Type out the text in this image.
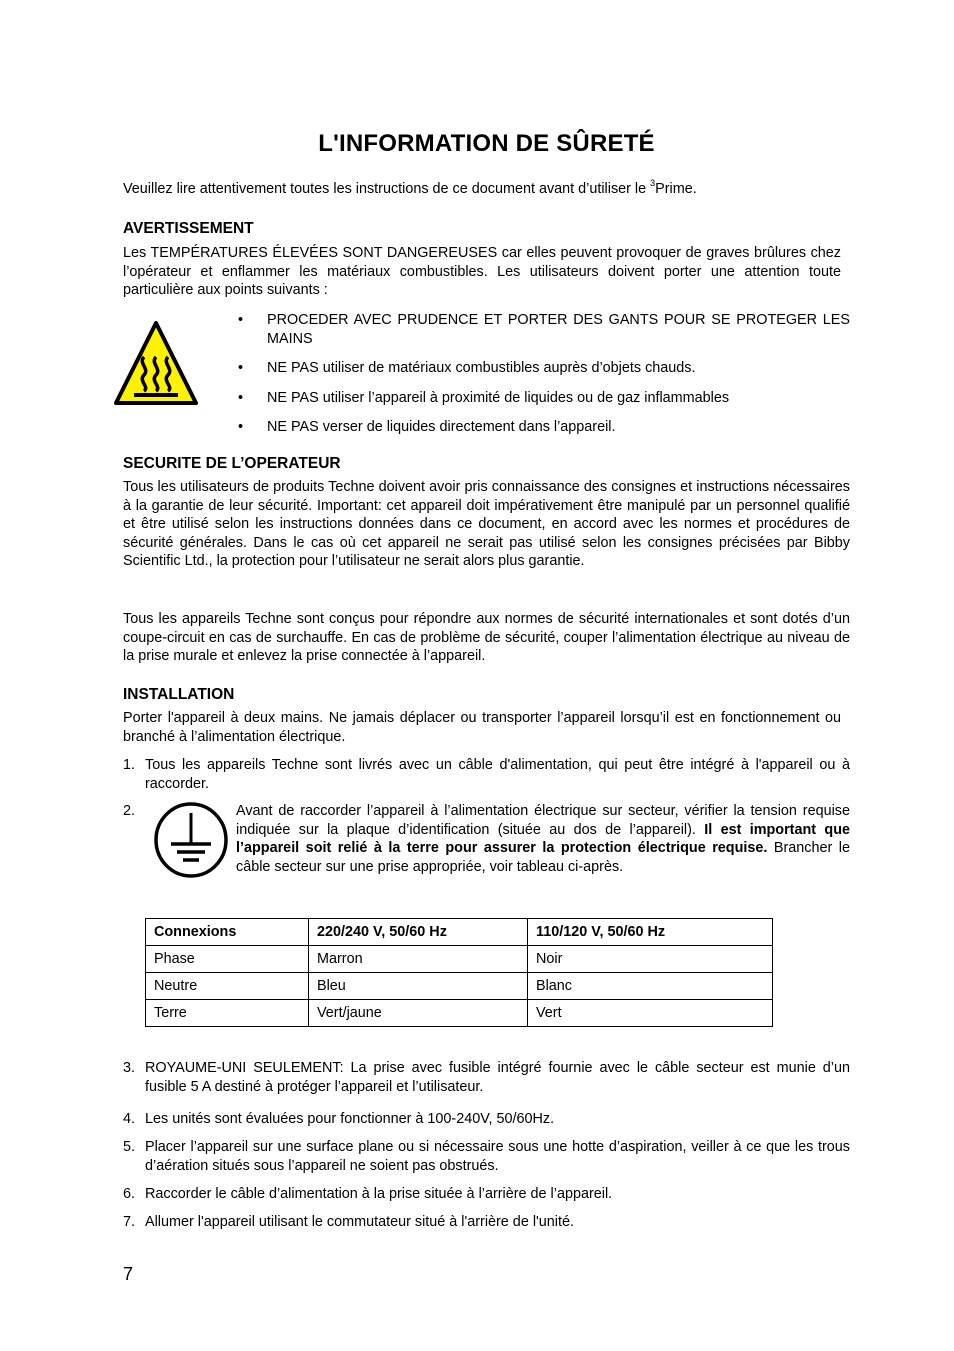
L'INFORMATION DE SÛRETÉ

Veuillez lire attentivement toutes les instructions de ce document avant d’utiliser le $^3$Prime.

AVERTISSEMENT

Les TEMPÉRATURES ÉLEVÉES SONT DANGEREUSES car elles peuvent provoquer de graves brûlures chez l’opérateur et enflammer les matériaux combustibles. Les utilisateurs doivent porter une attention toute particulière aux points suivants :

• PROCEDER AVEC PRUDENCE ET PORTER DES GANTS POUR SE PROTEGER LES MAINS
• NE PAS utiliser de matériaux combustibles auprès d’objets chauds.
• NE PAS utiliser l’appareil à proximité de liquides ou de gaz inflammables
• NE PAS verser de liquides directement dans l’appareil.
SECURITE DE L’OPERATEUR

Tous les utilisateurs de produits Techne doivent avoir pris connaissance des consignes et instructions nécessaires à la garantie de leur sécurité. Important: cet appareil doit impérativement être manipulé par un personnel qualifié et être utilisé selon les instructions données dans ce document, en accord avec les normes et procédures de sécurité générales. Dans le cas où cet appareil ne serait pas utilisé selon les consignes précisées par Bibby Scientific Ltd., la protection pour l’utilisateur ne serait alors plus garantie.

Tous les appareils Techne sont conçus pour répondre aux normes de sécurité internationales et sont dotés d’un coupe-circuit en cas de surchauffe. En cas de problème de sécurité, couper l’alimentation électrique au niveau de la prise murale et enlevez la prise connectée à l’appareil.

INSTALLATION

Porter l'appareil à deux mains. Ne jamais déplacer ou transporter l’appareil lorsqu’il est en fonctionnement ou branché à l’alimentation électrique.

1. Tous les appareils Techne sont livrés avec un câble d'alimentation, qui peut être intégré à l'appareil ou à raccorder.

2.	Avant de raccorder l’appareil à l’alimentation électrique sur secteur, vérifier la tension requise indiquée sur la plaque d’identification (située au dos de l’appareil). Il est important que l’appareil soit relié à la terre pour assurer la protection électrique requise. Brancher le câble secteur sur une prise appropriée, voir tableau ci-après.

Connexions	220/240 V, 50/60 Hz	110/120 V, 50/60 Hz
Phase	Marron	Noir
Neutre	Bleu	Blanc
Terre	Vert/jaune	Vert
3. ROYAUME-UNI SEULEMENT: La prise avec fusible intégré fournie avec le câble secteur est munie d’un fusible 5 A destiné à protéger l’appareil et l’utilisateur.

4. Les unités sont évaluées pour fonctionner à 100-240V, 50/60Hz.

5. Placer l’appareil sur une surface plane ou si nécessaire sous une hotte d’aspiration, veiller à ce que les trous d’aération situés sous l’appareil ne soient pas obstrués.

6. Raccorder le câble d’alimentation à la prise située à l’arrière de l’appareil.

7. Allumer l'appareil utilisant le commutateur situé à l'arrière de l'unité.

7
